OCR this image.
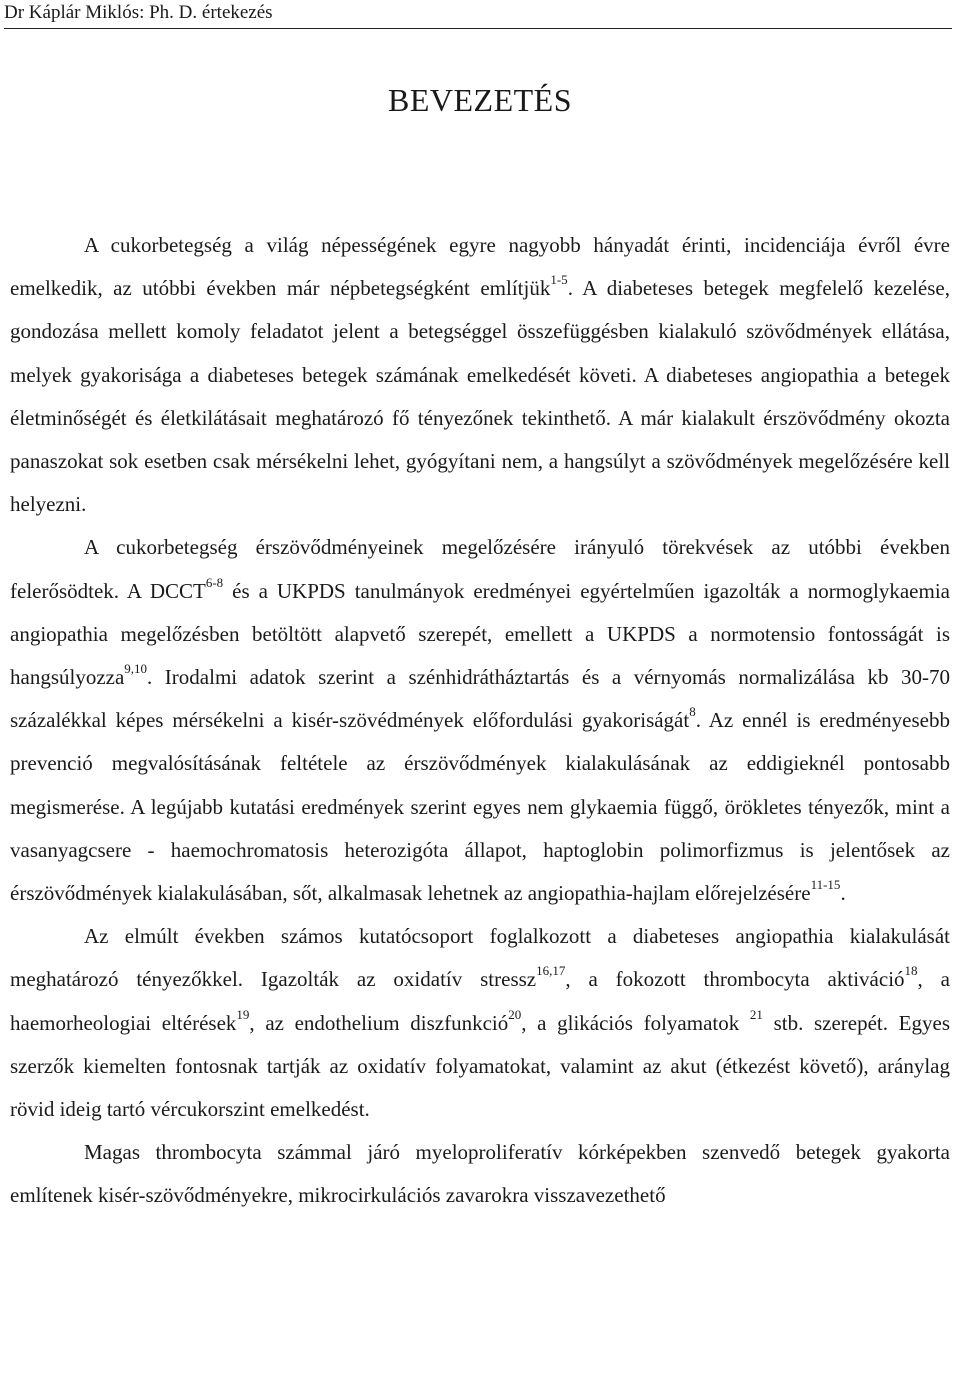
Dr Káplár Miklós: Ph. D. értekezés
BEVEZETÉS

A cukorbetegség a világ népességének egyre nagyobb hányadát érinti, incidenciája évről évre emelkedik, az utóbbi években már népbetegségként említjük$^{1-5}$. A diabeteses betegek megfelelő kezelése, gondozása mellett komoly feladatot jelent a betegséggel összefüggésben kialakuló szövődmények ellátása, melyek gyakorisága a diabeteses betegek számának emelkedését követi. A diabeteses angiopathia a betegek életminőségét és életkilátásait meghatározó fő tényezőnek tekinthető. A már kialakult érszövődmény okozta panaszokat sok esetben csak mérsékelni lehet, gyógyítani nem, a hangsúlyt a szövődmények megelőzésére kell helyezni.

A cukorbetegség érszövődményeinek megelőzésére irányuló törekvések az utóbbi években felerősödtek. A DCCT$^{6-8}$ és a UKPDS tanulmányok eredményei egyértelműen igazolták a normoglykaemia angiopathia megelőzésben betöltött alapvető szerepét, emellett a UKPDS a normotensio fontosságát is hangsúlyozza$^{9,10}$. Irodalmi adatok szerint a szénhidrátháztartás és a vérnyomás normalizálása kb 30-70 százalékkal képes mérsékelni a kisér-szövédmények előfordulási gyakoriságát$^8$. Az ennél is eredményesebb prevenció megvalósításának feltétele az érszövődmények kialakulásának az eddigieknél pontosabb megismerése. A legújabb kutatási eredmények szerint egyes nem glykaemia függő, örökletes tényezők, mint a vasanyagcsere - haemochromatosis heterozigóta állapot, haptoglobin polimorfizmus is jelentősek az érszövődmények kialakulásában, sőt, alkalmasak lehetnek az angiopathia-hajlam előrejelzésére$^{11-15}$.

Az elmúlt években számos kutatócsoport foglalkozott a diabeteses angiopathia kialakulását meghatározó tényezőkkel. Igazolták az oxidatív stressz$^{16,17}$, a fokozott thrombocyta aktiváció$^{18}$, a haemorheologiai eltérések$^{19}$, az endothelium diszfunkció$^{20}$, a glikációs folyamatok $^{21}$ stb. szerepét. Egyes szerzők kiemelten fontosnak tartják az oxidatív folyamatokat, valamint az akut (étkezést követő), aránylag rövid ideig tartó vércukorszint emelkedést.

Magas thrombocyta számmal járó myeloproliferatív kórképekben szenvedő betegek gyakorta említenek kisér-szövődményekre, mikrocirkulációs zavarokra visszavezethető
